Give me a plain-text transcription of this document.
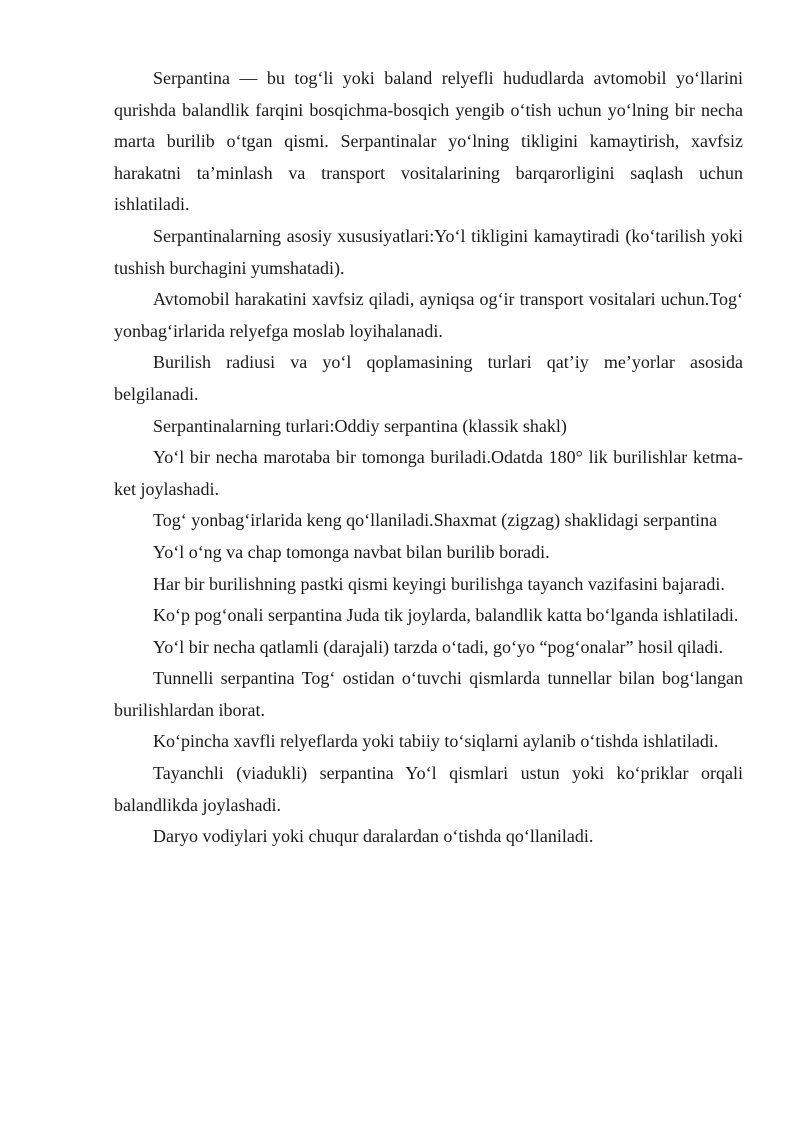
Serpantina — bu tog‘li yoki baland relyefli hududlarda avtomobil yo‘llarini qurishda balandlik farqini bosqichma-bosqich yengib o‘tish uchun yo‘lning bir necha marta burilib o‘tgan qismi. Serpantinalar yo‘lning tikligini kamaytirish, xavfsiz harakatni ta’minlash va transport vositalarining barqarorligini saqlash uchun ishlatiladi.

Serpantinalarning asosiy xususiyatlari:Yo‘l tikligini kamaytiradi (ko‘tarilish yoki tushish burchagini yumshatadi).

Avtomobil harakatini xavfsiz qiladi, ayniqsa og‘ir transport vositalari uchun.Tog‘ yonbag‘irlarida relyefga moslab loyihalanadi.

Burilish radiusi va yo‘l qoplamasining turlari qat’iy me’yorlar asosida belgilanadi.

Serpantinalarning turlari:Oddiy serpantina (klassik shakl)

Yo‘l bir necha marotaba bir tomonga buriladi.Odatda 180° lik burilishlar ketma-ket joylashadi.

Tog‘ yonbag‘irlarida keng qo‘llaniladi.Shaxmat (zigzag) shaklidagi serpantina

Yo‘l o‘ng va chap tomonga navbat bilan burilib boradi.

Har bir burilishning pastki qismi keyingi burilishga tayanch vazifasini bajaradi.

Ko‘p pog‘onali serpantina Juda tik joylarda, balandlik katta bo‘lganda ishlatiladi.

Yo‘l bir necha qatlamli (darajali) tarzda o‘tadi, go‘yo “pog‘onalar” hosil qiladi.

Tunnelli serpantina Tog‘ ostidan o‘tuvchi qismlarda tunnellar bilan bog‘langan burilishlardan iborat.

Ko‘pincha xavfli relyeflarda yoki tabiiy to‘siqlarni aylanib o‘tishda ishlatiladi.

Tayanchli (viadukli) serpantina Yo‘l qismlari ustun yoki ko‘priklar orqali balandlikda joylashadi.

Daryo vodiylari yoki chuqur daralardan o‘tishda qo‘llaniladi.
